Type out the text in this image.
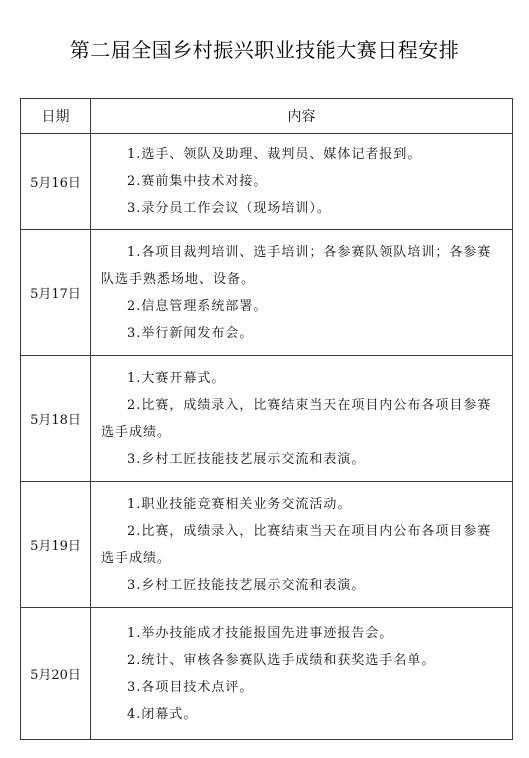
第二届全国乡村振兴职业技能大赛日程安排
日期	内容
5月16日	1.选手、领队及助理、裁判员、媒体记者报到。

2.赛前集中技术对接。

3.录分员工作会议（现场培训）。

5月17日	1.各项目裁判培训、选手培训；各参赛队领队培训；各参赛队选手熟悉场地、设备。

2.信息管理系统部署。

3.举行新闻发布会。

5月18日	1.大赛开幕式。

2.比赛，成绩录入，比赛结束当天在项目内公布各项目参赛选手成绩。

3.乡村工匠技能技艺展示交流和表演。

5月19日	1.职业技能竞赛相关业务交流活动。

2.比赛，成绩录入，比赛结束当天在项目内公布各项目参赛选手成绩。

3.乡村工匠技能技艺展示交流和表演。

5月20日	1.举办技能成才技能报国先进事迹报告会。

2.统计、审核各参赛队选手成绩和获奖选手名单。

3.各项目技术点评。

4.闭幕式。
